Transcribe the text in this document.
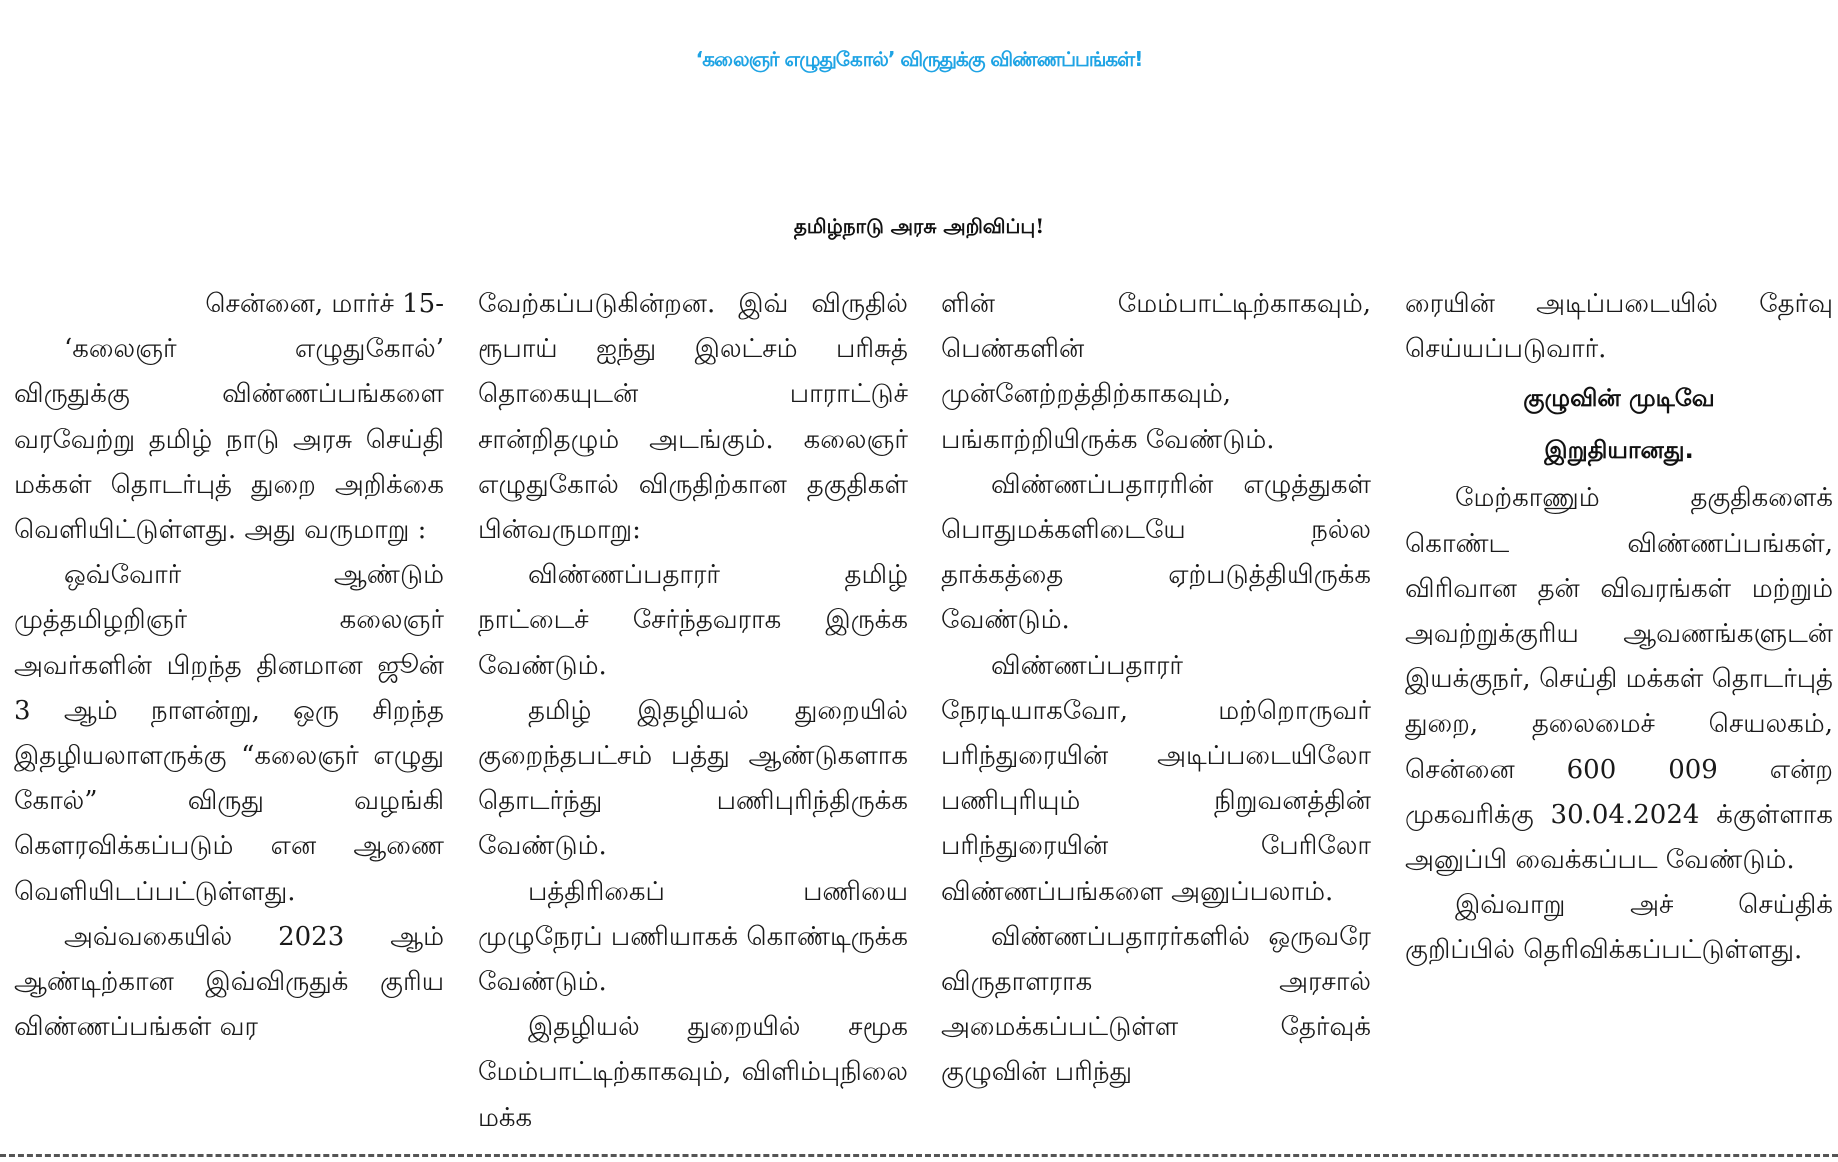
‘கலைஞர் எழுதுகோல்’ விருதுக்கு விண்ணப்பங்கள்!
தமிழ்நாடு அரசு அறிவிப்பு!

சென்னை, மார்ச் 15-

‘கலைஞர் எழுதுகோல்’ விருதுக்கு விண்ணப்பங்களை வரவேற்று தமிழ் நாடு அரசு செய்தி மக்கள் தொடர்புத் துறை அறிக்கை வெளியிட்டுள்ளது. அது வருமாறு :

ஒவ்வோர் ஆண்டும் முத்தமிழறிஞர் கலைஞர் அவர்களின் பிறந்த தினமான ஜூன் 3 ஆம் நாளன்று, ஒரு சிறந்த இதழியலாளருக்கு “கலைஞர் எழுது கோல்” விருது வழங்கி கௌரவிக்கப்படும் என ஆணை வெளியிடப்பட்டுள்ளது.

அவ்வகையில் 2023 ஆம் ஆண்டிற்கான இவ்விருதுக் குரிய விண்ணப்பங்கள் வர

வேற்கப்படுகின்றன. இவ் விருதில் ரூபாய் ஐந்து இலட்சம் பரிசுத் தொகையுடன் பாராட்டுச் சான்றிதழும் அடங்கும். கலைஞர் எழுதுகோல் விருதிற்கான தகுதிகள் பின்வருமாறு:

விண்ணப்பதாரர் தமிழ் நாட்டைச் சேர்ந்தவராக இருக்க வேண்டும்.

தமிழ் இதழியல் துறையில் குறைந்தபட்சம் பத்து ஆண்டுகளாக தொடர்ந்து பணிபுரிந்திருக்க வேண்டும்.

பத்திரிகைப் பணியை முழுநேரப் பணியாகக் கொண்டிருக்க வேண்டும்.

இதழியல் துறையில் சமூக மேம்பாட்டிற்காகவும், விளிம்புநிலை மக்க

ளின் மேம்பாட்டிற்காகவும், பெண்களின் முன்னேற்றத்திற்காகவும், பங்காற்றியிருக்க வேண்டும்.

விண்ணப்பதாரரின் எழுத்துகள் பொதுமக்களிடையே நல்ல தாக்கத்தை ஏற்படுத்தியிருக்க வேண்டும்.

விண்ணப்பதாரர் நேரடியாகவோ, மற்றொருவர் பரிந்துரையின் அடிப்படையிலோ பணிபுரியும் நிறுவனத்தின் பரிந்துரையின் பேரிலோ விண்ணப்பங்களை அனுப்பலாம்.

விண்ணப்பதாரர்களில் ஒருவரே விருதாளராக அரசால் அமைக்கப்பட்டுள்ள தேர்வுக் குழுவின் பரிந்து

ரையின் அடிப்படையில் தேர்வு செய்யப்படுவார்.

குழுவின் முடிவே
இறுதியானது.

மேற்காணும் தகுதிகளைக் கொண்ட விண்ணப்பங்கள், விரிவான தன் விவரங்கள் மற்றும் அவற்றுக்குரிய ஆவணங்களுடன் இயக்குநர், செய்தி மக்கள் தொடர்புத் துறை, தலைமைச் செயலகம், சென்னை 600 009 என்ற முகவரிக்கு 30.04.2024 க்குள்ளாக அனுப்பி வைக்கப்பட வேண்டும்.

இவ்வாறு அச் செய்திக் குறிப்பில் தெரிவிக்கப்பட்டுள்ளது.
